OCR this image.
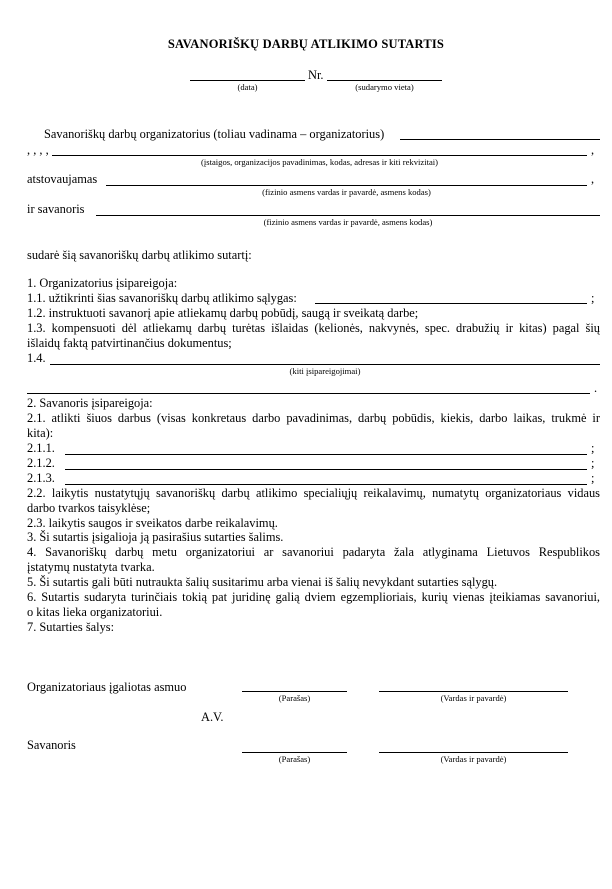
SAVANORIŠKŲ DARBŲ ATLIKIMO SUTARTIS
Nr.
(data)	(sudarymo vieta)
Savanoriškų darbų organizatorius (toliau vadinama – organizatorius)
, , , ,	,
(įstaigos, organizacijos pavadinimas, kodas, adresas ir kiti rekvizitai)
atstovaujamas	,
(fizinio asmens vardas ir pavardė, asmens kodas)
ir savanoris
(fizinio asmens vardas ir pavardė, asmens kodas)
sudarė šią savanoriškų darbų atlikimo sutartį:
1. Organizatorius įsipareigoja:
1.1. užtikrinti šias savanoriškų darbų atlikimo sąlygas:	;
1.2. instruktuoti savanorį apie atliekamų darbų pobūdį, saugą ir sveikatą darbe;
1.3. kompensuoti dėl atliekamų darbų turėtas išlaidas (kelionės, nakvynės, spec. drabužių ir kitas) pagal šių
išlaidų faktą patvirtinančius dokumentus;
1.4.
(kiti įsipareigojimai)
.
2. Savanoris įsipareigoja:
2.1. atlikti šiuos darbus (visas konkretaus darbo pavadinimas, darbų pobūdis, kiekis, darbo laikas, trukmė ir
kita):
2.1.1.	;
2.1.2.	;
2.1.3.	;
2.2. laikytis nustatytųjų savanoriškų darbų atlikimo specialiųjų reikalavimų, numatytų organizatoriaus vidaus
darbo tvarkos taisyklėse;
2.3. laikytis saugos ir sveikatos darbe reikalavimų.
3. Ši sutartis įsigalioja ją pasirašius sutarties šalims.
4. Savanoriškų darbų metu organizatoriui ar savanoriui padaryta žala atlyginama Lietuvos Respublikos
įstatymų nustatyta tvarka.
5. Ši sutartis gali būti nutraukta šalių susitarimu arba vienai iš šalių nevykdant sutarties sąlygų.
6. Sutartis sudaryta turinčiais tokią pat juridinę galią dviem egzemplioriais, kurių vienas įteikiamas savanoriui,
o kitas lieka organizatoriui.
7. Sutarties šalys:
Organizatoriaus įgaliotas asmuo
(Parašas)	(Vardas ir pavardė)
A.V.
Savanoris
(Parašas)	(Vardas ir pavardė)
